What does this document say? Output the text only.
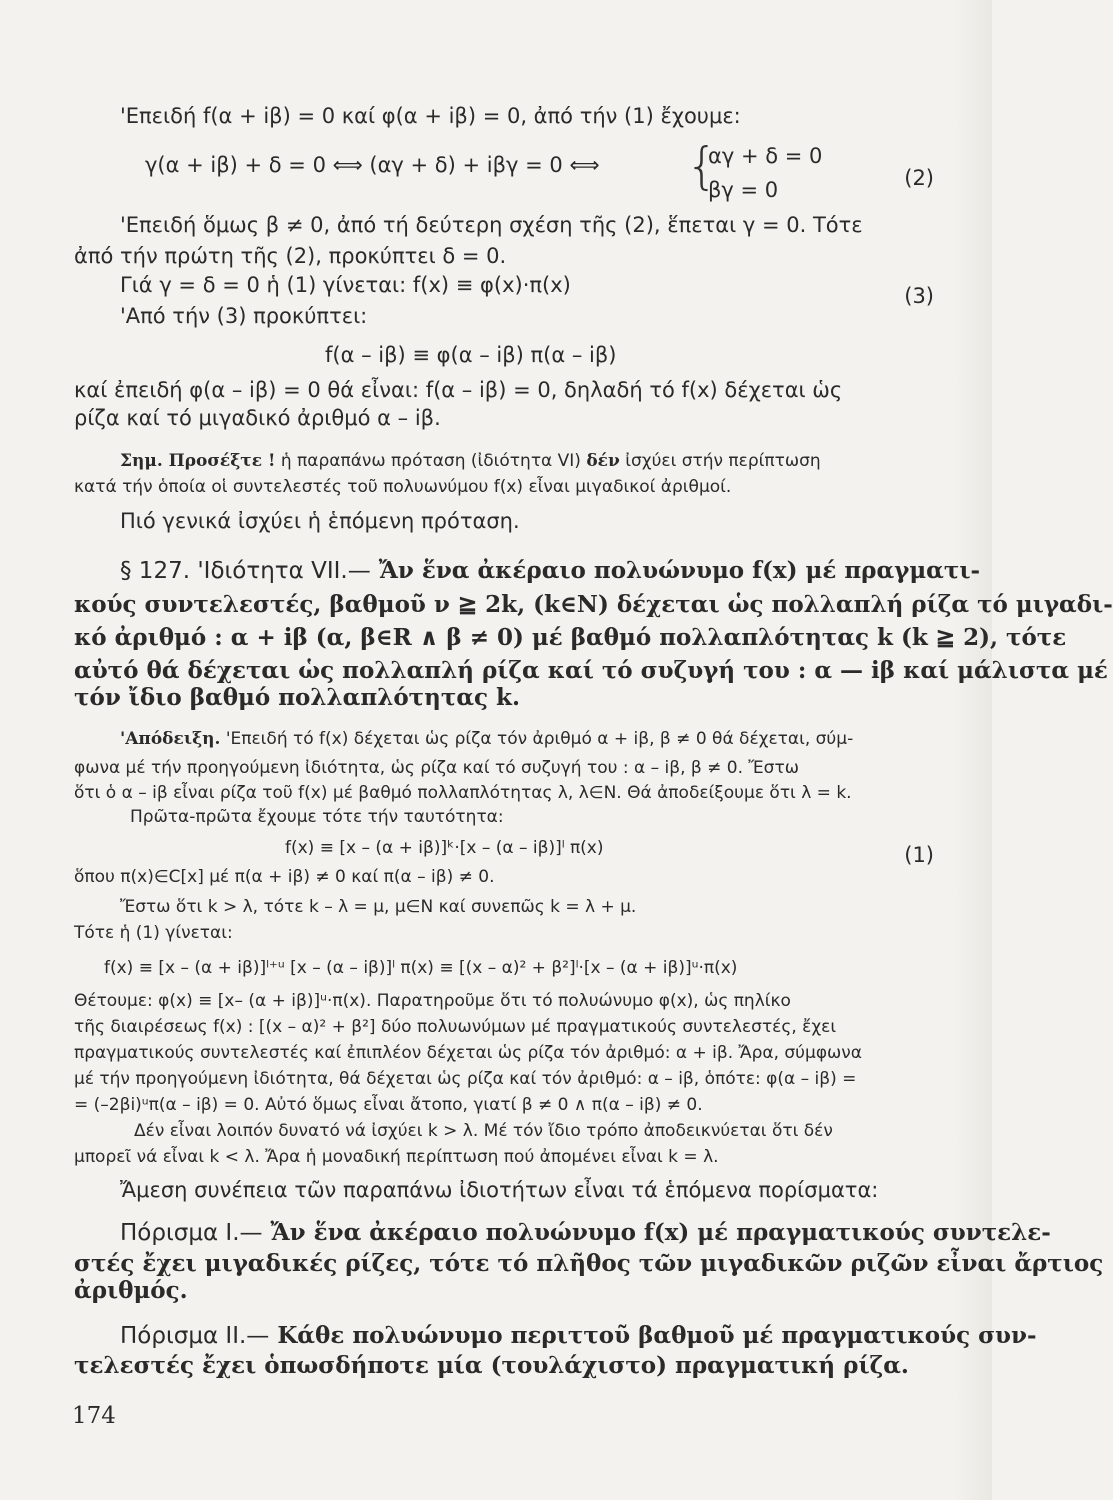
'Επειδή f(α + iβ) = 0 καί φ(α + iβ) = 0, ἀπό τήν (1) ἔχουμε:
γ(α + iβ) + δ = 0 ⟺ (αγ + δ) + iβγ = 0 ⟺ {
αγ + δ = 0
βγ = 0	(2)
'Επειδή ὅμως β ≠ 0, ἀπό τή δεύτερη σχέση τῆς (2), ἕπεται γ = 0. Τότε
ἀπό τήν πρώτη τῆς (2), προκύπτει δ = 0.
Γιά γ = δ = 0 ἡ (1) γίνεται: f(x) ≡ φ(x)·π(x)	(3)
'Από τήν (3) προκύπτει:
f(α – iβ) ≡ φ(α – iβ) π(α – iβ)
καί ἐπειδή φ(α – iβ) = 0 θά εἶναι: f(α – iβ) = 0, δηλαδή τό f(x) δέχεται ὡς
ρίζα καί τό μιγαδικό ἀριθμό α – iβ.
Σημ. Προσέξτε ! ἡ παραπάνω πρόταση (ἰδιότητα VI) δέν ἰσχύει στήν περίπτωση
κατά τήν ὁποία οἱ συντελεστές τοῦ πολυωνύμου f(x) εἶναι μιγαδικοί ἀριθμοί.
Πιό γενικά ἰσχύει ἡ ἑπόμενη πρόταση.
§ 127. 'Ιδιότητα VII.— Ἄν ἕνα ἀκέραιο πολυώνυμο f(x) μέ πραγματι-
κούς συντελεστές, βαθμοῦ ν ≧ 2k, (k∈N) δέχεται ὡς πολλαπλή ρίζα τό μιγαδι-
κό ἀριθμό : α + iβ (α, β∈R ∧ β ≠ 0) μέ βαθμό πολλαπλότητας k (k ≧ 2), τότε
αὐτό θά δέχεται ὡς πολλαπλή ρίζα καί τό συζυγή του : α — iβ καί μάλιστα μέ
τόν ἴδιο βαθμό πολλαπλότητας k.
'Απόδειξη. 'Επειδή τό f(x) δέχεται ὡς ρίζα τόν ἀριθμό α + iβ, β ≠ 0 θά δέχεται, σύμ-
φωνα μέ τήν προηγούμενη ἰδιότητα, ὡς ρίζα καί τό συζυγή του : α – iβ, β ≠ 0. Ἔστω
ὅτι ὁ α – iβ εἶναι ρίζα τοῦ f(x) μέ βαθμό πολλαπλότητας λ, λ∈N. Θά ἀποδείξουμε ὅτι λ = k.
Πρῶτα-πρῶτα ἔχουμε τότε τήν ταυτότητα:
f(x) ≡ [x – (α + iβ)]ᵏ·[x – (α – iβ)]ˡ π(x)	(1)
ὅπου π(x)∈C[x] μέ π(α + iβ) ≠ 0 καί π(α – iβ) ≠ 0.
Ἔστω ὅτι k > λ, τότε k – λ = μ, μ∈N καί συνεπῶς k = λ + μ.
Τότε ἡ (1) γίνεται:
f(x) ≡ [x – (α + iβ)]ˡ⁺ᵘ [x – (α – iβ)]ˡ π(x) ≡ [(x – α)² + β²]ˡ·[x – (α + iβ)]ᵘ·π(x)
Θέτουμε: φ(x) ≡ [x– (α + iβ)]ᵘ·π(x). Παρατηροῦμε ὅτι τό πολυώνυμο φ(x), ὡς πηλίκο
τῆς διαιρέσεως f(x) : [(x – α)² + β²] δύο πολυωνύμων μέ πραγματικούς συντελεστές, ἔχει
πραγματικούς συντελεστές καί ἐπιπλέον δέχεται ὡς ρίζα τόν ἀριθμό: α + iβ. Ἄρα, σύμφωνα
μέ τήν προηγούμενη ἰδιότητα, θά δέχεται ὡς ρίζα καί τόν ἀριθμό: α – iβ, ὁπότε: φ(α – iβ) =
= (–2βi)ᵘπ(α – iβ) = 0. Αὐτό ὅμως εἶναι ἄτοπο, γιατί β ≠ 0 ∧ π(α – iβ) ≠ 0.
Δέν εἶναι λοιπόν δυνατό νά ἰσχύει k > λ. Μέ τόν ἴδιο τρόπο ἀποδεικνύεται ὅτι δέν
μπορεῖ νά εἶναι k < λ. Ἄρα ἡ μοναδική περίπτωση πού ἀπομένει εἶναι k = λ.
Ἄμεση συνέπεια τῶν παραπάνω ἰδιοτήτων εἶναι τά ἑπόμενα πορίσματα:
Πόρισμα Ι.— Ἄν ἕνα ἀκέραιο πολυώνυμο f(x) μέ πραγματικούς συντελε-
στές ἔχει μιγαδικές ρίζες, τότε τό πλῆθος τῶν μιγαδικῶν ριζῶν εἶναι ἄρτιος
ἀριθμός.
Πόρισμα ΙΙ.— Κάθε πολυώνυμο περιττοῦ βαθμοῦ μέ πραγματικούς συν-
τελεστές ἔχει ὁπωσδήποτε μία (τουλάχιστο) πραγματική ρίζα.
174
